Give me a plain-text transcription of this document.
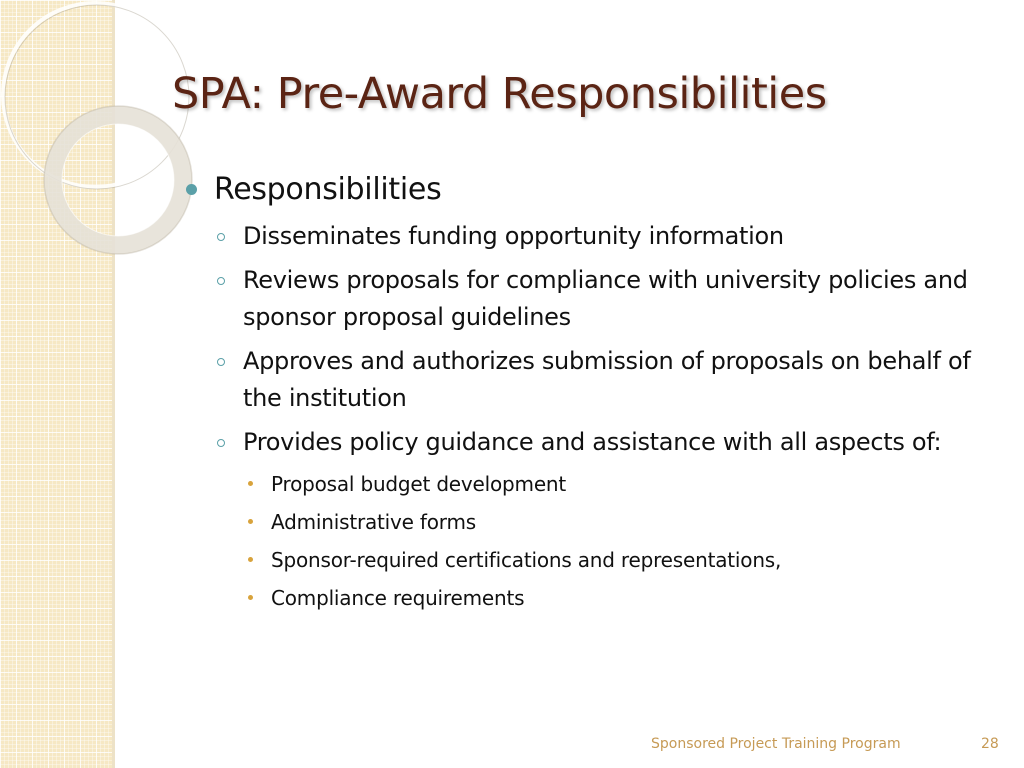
SPA: Pre-Award Responsibilities
Responsibilities
Disseminates funding opportunity information
Reviews proposals for compliance with university policies and sponsor proposal guidelines
Approves and authorizes submission of proposals on behalf of the institution
Provides policy guidance and assistance with all aspects of:
Proposal budget development
Administrative forms
Sponsor-required certifications and representations,
Compliance requirements
Sponsored Project Training Program	28
